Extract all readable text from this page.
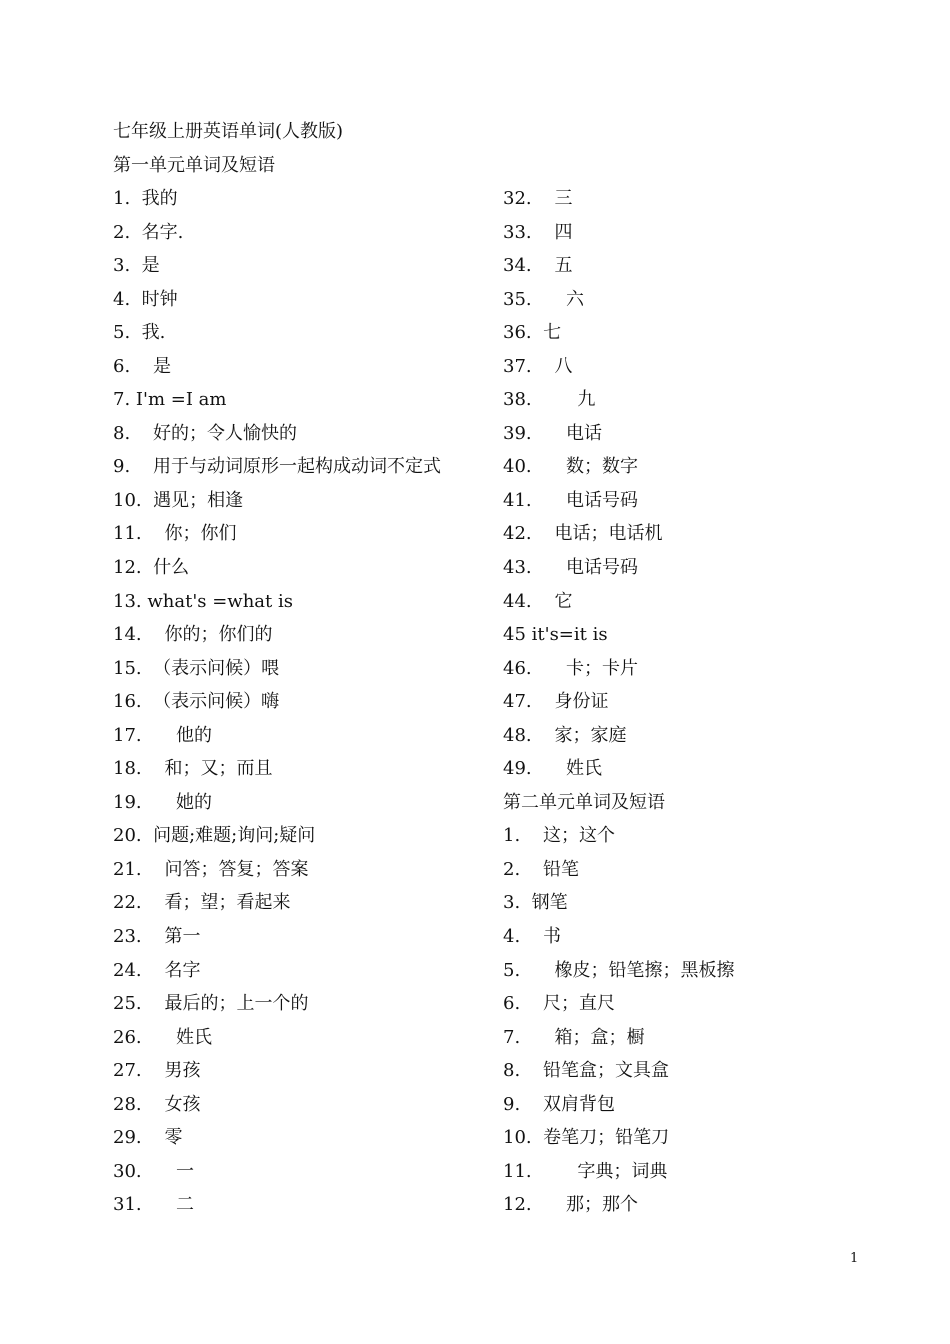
七年级上册英语单词(人教版)
第一单元单词及短语
1.  我的
2.  名字.
3.  是
4.  时钟
5.  我.
6.    是
7. I'm =I am
8.    好的；令人愉快的
9.    用于与动词原形一起构成动词不定式
10.  遇见；相逢
11.    你；你们
12.  什么
13. what's =what is
14.    你的；你们的
15.  （表示问候）喂
16.  （表示问候）嗨
17.      他的
18.    和；又；而且
19.      她的
20.  问题;难题;询问;疑问
21.    问答；答复；答案
22.    看；望；看起来
23.    第一
24.    名字
25.    最后的；上一个的
26.      姓氏
27.    男孩
28.    女孩
29.    零
30.      一
31.      二
32.    三
33.    四
34.    五
35.      六
36.  七
37.    八
38.        九
39.      电话
40.      数；数字
41.      电话号码
42.    电话；电话机
43.      电话号码
44.    它
45 it's=it is
46.      卡；卡片
47.    身份证
48.    家；家庭
49.      姓氏
第二单元单词及短语
1.    这；这个
2.    铅笔
3.  钢笔
4.    书
5.      橡皮；铅笔擦；黑板擦
6.    尺；直尺
7.      箱；盒；橱
8.    铅笔盒；文具盒
9.    双肩背包
10.  卷笔刀；铅笔刀
11.        字典；词典
12.      那；那个
1
